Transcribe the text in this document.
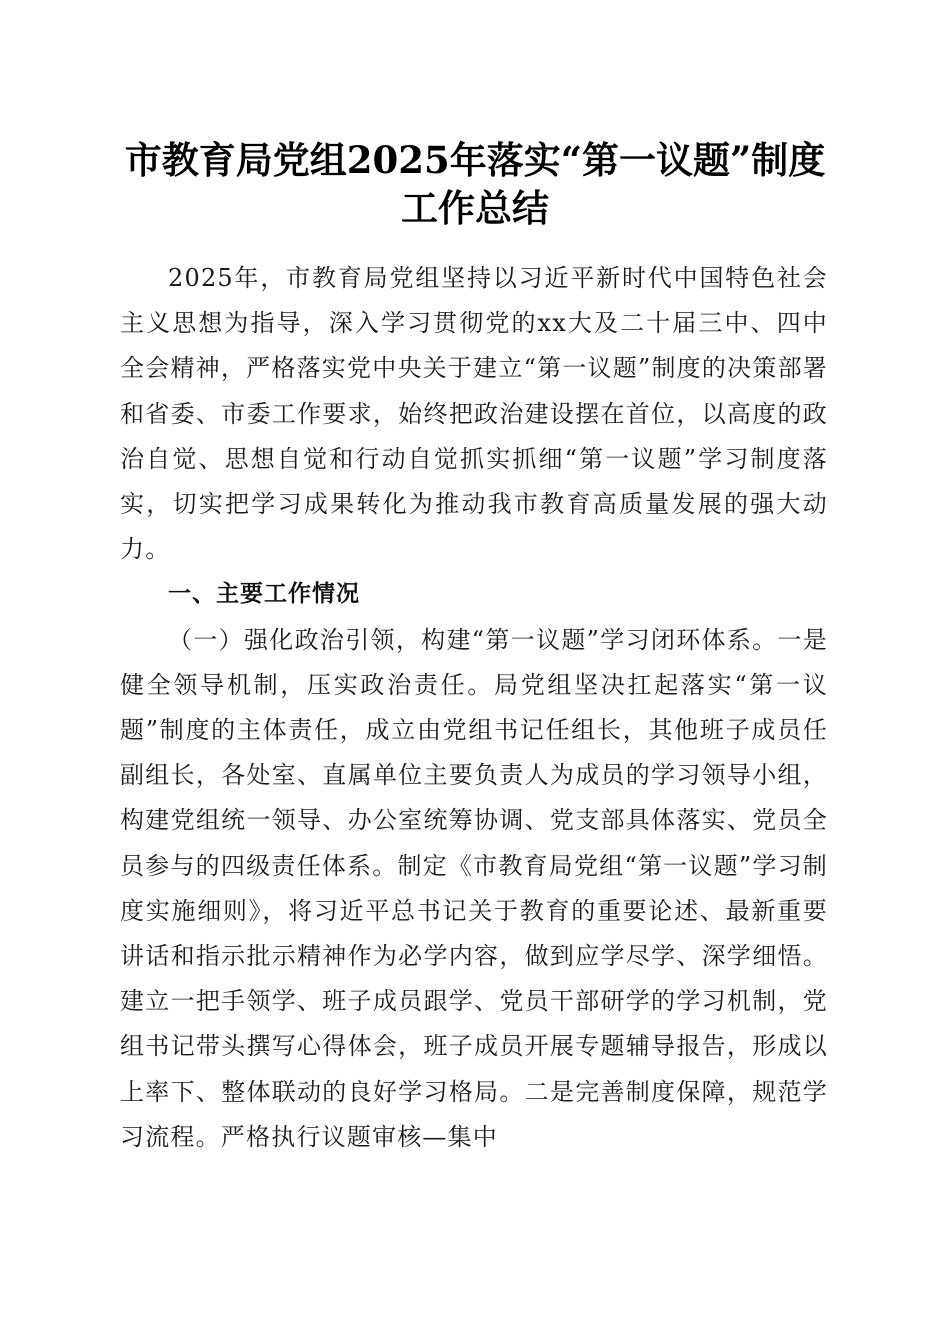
市教育局党组2025年落实“第一议题”制度
工作总结

2025年，市教育局党组坚持以习近平新时代中国特色社会主义思想为指导，深入学习贯彻党的xx大及二十届三中、四中全会精神，严格落实党中央关于建立“第一议题”制度的决策部署和省委、市委工作要求，始终把政治建设摆在首位，以高度的政治自觉、思想自觉和行动自觉抓实抓细“第一议题”学习制度落实，切实把学习成果转化为推动我市教育高质量发展的强大动力。

一、主要工作情况

（一）强化政治引领，构建“第一议题”学习闭环体系。一是健全领导机制，压实政治责任。局党组坚决扛起落实“第一议题”制度的主体责任，成立由党组书记任组长，其他班子成员任副组长，各处室、直属单位主要负责人为成员的学习领导小组，构建党组统一领导、办公室统筹协调、党支部具体落实、党员全员参与的四级责任体系。制定《市教育局党组“第一议题”学习制度实施细则》，将习近平总书记关于教育的重要论述、最新重要讲话和指示批示精神作为必学内容，做到应学尽学、深学细悟。建立一把手领学、班子成员跟学、党员干部研学的学习机制，党组书记带头撰写心得体会，班子成员开展专题辅导报告，形成以上率下、整体联动的良好学习格局。二是完善制度保障，规范学习流程。严格执行议题审核—集中
